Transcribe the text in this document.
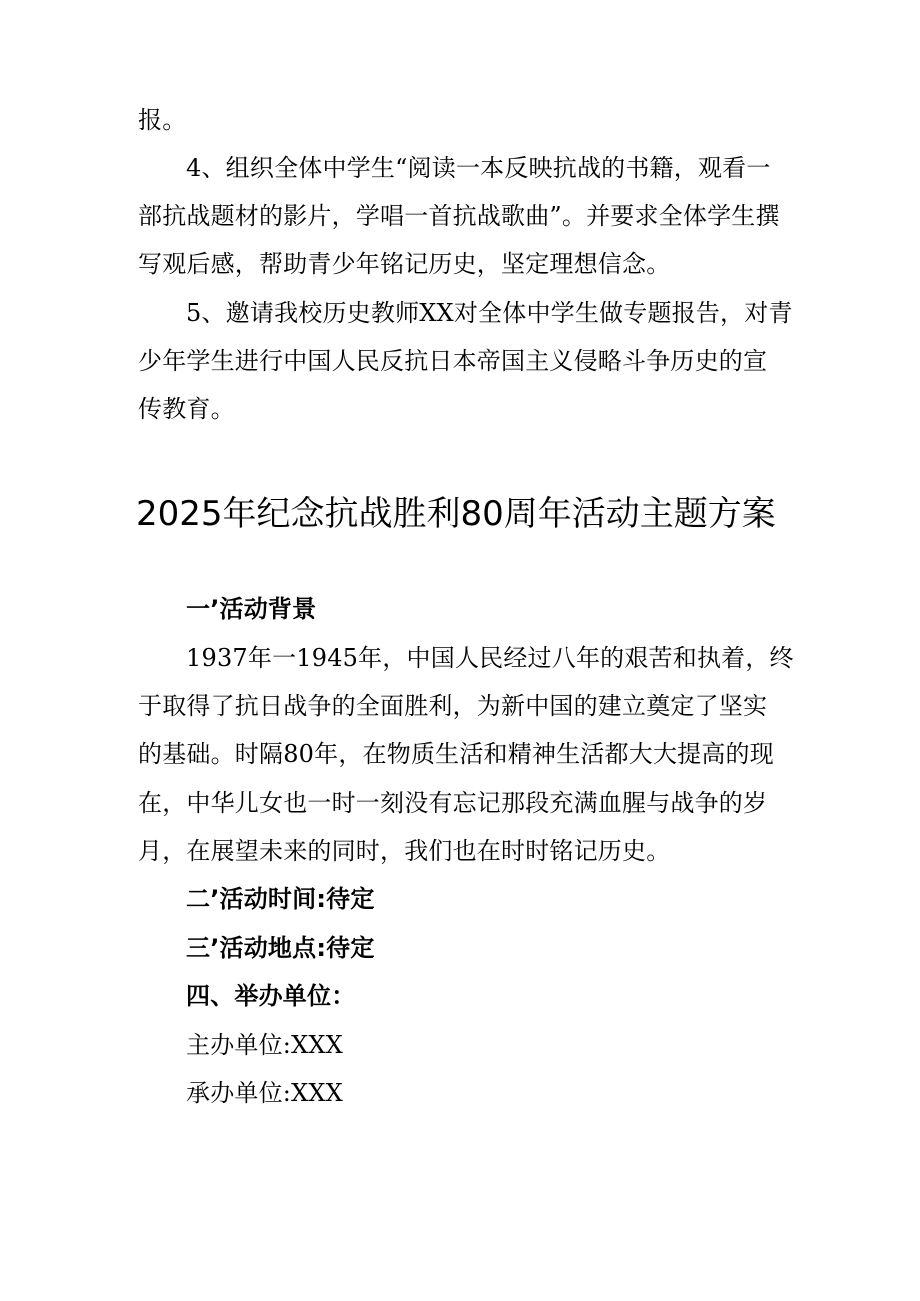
报。

4、组织全体中学生“阅读一本反映抗战的书籍，观看一

部抗战题材的影片，学唱一首抗战歌曲”。并要求全体学生撰

写观后感，帮助青少年铭记历史，坚定理想信念。

5、邀请我校历史教师XX对全体中学生做专题报告，对青

少年学生进行中国人民反抗日本帝国主义侵略斗争历史的宣

传教育。

2025年纪念抗战胜利80周年活动主题方案

一’活动背景

1937年一1945年，中国人民经过八年的艰苦和执着，终

于取得了抗日战争的全面胜利，为新中国的建立奠定了坚实

的基础。时隔80年，在物质生活和精神生活都大大提高的现

在，中华儿女也一时一刻没有忘记那段充满血腥与战争的岁

月，在展望未来的同时，我们也在时时铭记历史。

二’活动时间:待定

三’活动地点:待定

四、举办单位：

主办单位:XXX

承办单位:XXX
